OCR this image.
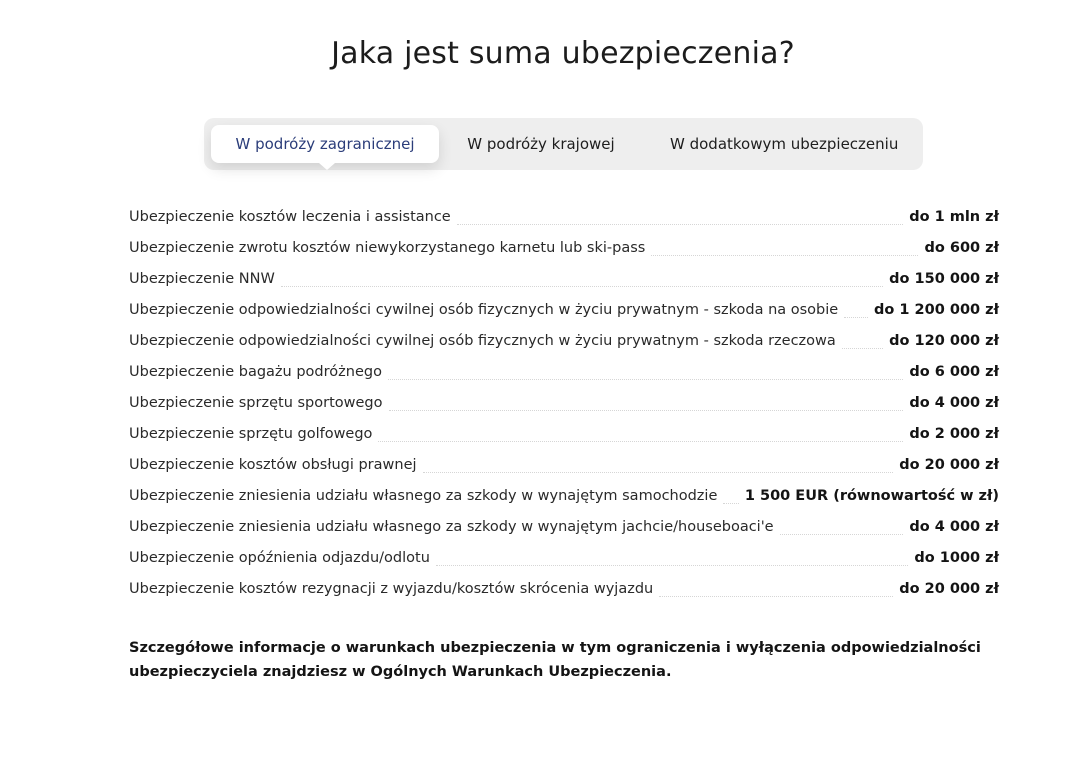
Jaka jest suma ubezpieczenia?
W podróży zagranicznej	W podróży krajowej	W dodatkowym ubezpieczeniu
Ubezpieczenie kosztów leczenia i assistance	do 1 mln zł
Ubezpieczenie zwrotu kosztów niewykorzystanego karnetu lub ski-pass	do 600 zł
Ubezpieczenie NNW	do 150 000 zł
Ubezpieczenie odpowiedzialności cywilnej osób fizycznych w życiu prywatnym - szkoda na osobie do 1 200 000 zł
Ubezpieczenie odpowiedzialności cywilnej osób fizycznych w życiu prywatnym - szkoda rzeczowa	do 120 000 zł
Ubezpieczenie bagażu podróżnego	do 6 000 zł
Ubezpieczenie sprzętu sportowego	do 4 000 zł
Ubezpieczenie sprzętu golfowego	do 2 000 zł
Ubezpieczenie kosztów obsługi prawnej	do 20 000 zł
Ubezpieczenie zniesienia udziału własnego za szkody w wynajętym samochodzie 1 500 EUR (równowartość w zł)
Ubezpieczenie zniesienia udziału własnego za szkody w wynajętym jachcie/houseboaci'e	do 4 000 zł
Ubezpieczenie opóźnienia odjazdu/odlotu	do 1000 zł
Ubezpieczenie kosztów rezygnacji z wyjazdu/kosztów skrócenia wyjazdu	do 20 000 zł

Szczegółowe informacje o warunkach ubezpieczenia w tym ograniczenia i wyłączenia odpowiedzialności ubezpieczyciela znajdziesz w Ogólnych Warunkach Ubezpieczenia.
